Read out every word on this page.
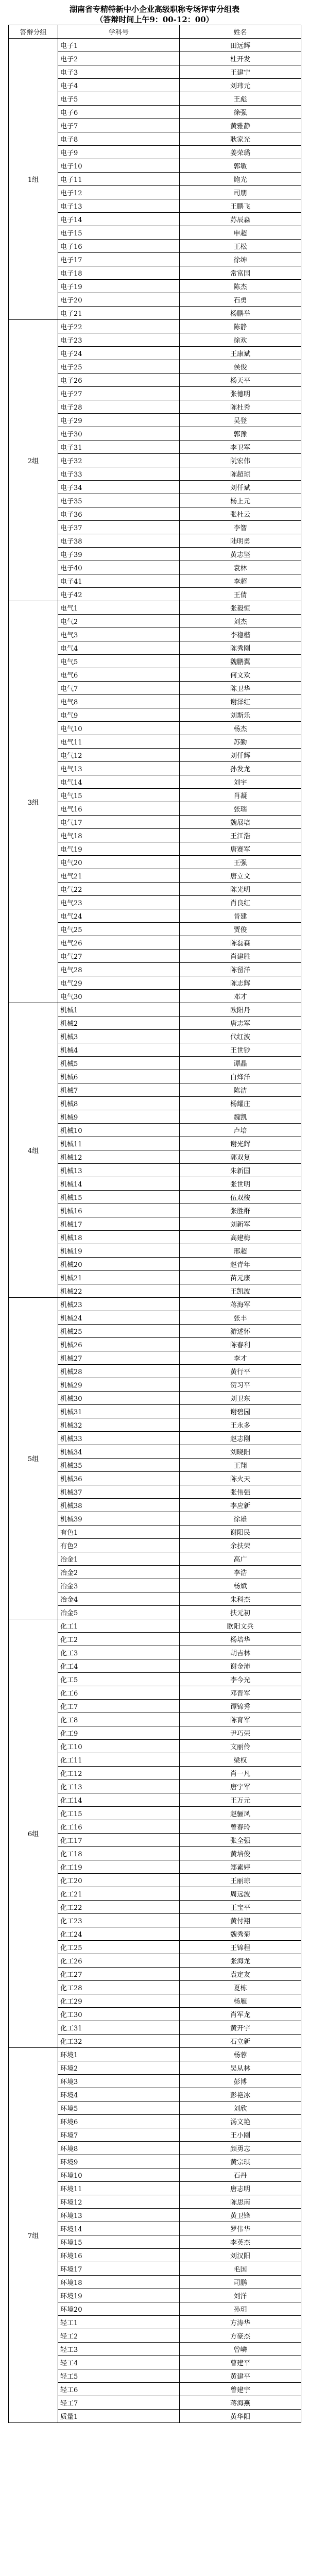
湖南省专精特新中小企业高级职称专场评审分组表
（答辩时间上午9：00-12：00）
答辩分组	学科号	姓名
1组	电子1	田远辉
	电子2	杜开发
	电子3	王建宁
	电子4	刘玮元
	电子5	王彪
	电子6	徐强
	电子7	黄雅静
	电子8	耿家光
	电子9	姜荣璐
	电子10	郭敏
	电子11	鲍光
	电子12	司朋
	电子13	王鹏飞
	电子14	苏辰淼
	电子15	申超
	电子16	王松
	电子17	徐绅
	电子18	常富国
	电子19	陈杰
	电子20	石勇
	电子21	杨鹏举
2组	电子22	陈静
	电子23	徐欢
	电子24	王康斌
	电子25	侯俊
	电子26	杨天平
	电子27	张德明
	电子28	陈杜秀
	电子29	吴登
	电子30	郭豫
	电子31	李卫军
	电子32	阮宏伟
	电子33	陈超琼
	电子34	刘仟斌
	电子35	杨上元
	电子36	张杜云
	电子37	李智
	电子38	陆明勇
	电子39	黄志坚
	电子40	袁林
	电子41	李超
	电子42	王倩
3组	电气1	张毅恒
	电气2	刘杰
	电气3	李稳楷
	电气4	陈秀刚
	电气5	魏鹏翼
	电气6	何文欢
	电气7	陈卫华
	电气8	谢泽红
	电气9	刘斯乐
	电气10	杨杰
	电气11	苏勤
	电气12	刘仟辉
	电气13	孙发龙
	电气14	刘宇
	电气15	肖凝
	电气16	张瑞
	电气17	魏展培
	电气18	王江浩
	电气19	唐赛军
	电气20	王强
	电气21	唐立文
	电气22	陈光明
	电气23	肖良红
	电气24	昔建
	电气25	贾俊
	电气26	陈磊森
	电气27	肖建胜
	电气28	陈留洋
	电气29	陈志辉
	电气30	邓才
4组	机械1	欧阳丹
	机械2	唐志军
	机械3	代红波
	机械4	王世钞
	机械5	谭晶
	机械6	白烽洋
	机械7	陈洁
	机械8	杨耀庄
	机械9	魏凯
	机械10	卢培
	机械11	谢光辉
	机械12	郭双复
	机械13	朱新国
	机械14	张世明
	机械15	伍双梭
	机械16	张胜群
	机械17	刘新军
	机械18	高建梅
	机械19	邢超
	机械20	赵青年
	机械21	苗元康
	机械22	王凯波
5组	机械23	蒋海军
	机械24	张丰
	机械25	游述怀
	机械26	陈春利
	机械27	李才
	机械28	黄行平
	机械29	贺习平
	机械30	刘卫东
	机械31	谢碧园
	机械32	王永多
	机械33	赵志刚
	机械34	刘晓阳
	机械35	王翔
	机械36	陈火天
	机械37	张伟强
	机械38	李应新
	机械39	徐雄
	有色1	谢阳民
	有色2	余扶荣
	冶金1	高广
	冶金2	李浩
	冶金3	杨斌
	冶金4	朱科杰
	冶金5	扶元初
6组	化工1	欧阳文兵
	化工2	杨培华
	化工3	胡吉林
	化工4	谢金沛
	化工5	李今光
	化工6	邓晋军
	化工7	谭锦秀
	化工8	陈育军
	化工9	尹巧荣
	化工10	文丽伶
	化工11	梁权
	化工12	肖一凡
	化工13	唐宇军
	化工14	王万元
	化工15	赵骊凤
	化工16	曾春玲
	化工17	张全强
	化工18	黄培俊
	化工19	郑素婷
	化工20	王丽琼
	化工21	周远波
	化工22	王宝平
	化工23	黄付翔
	化工24	魏秀菊
	化工25	王锦程
	化工26	张海龙
	化工27	袁定友
	化工28	夏栋
	化工29	杨雁
	化工30	肖军龙
	化工31	黄开宇
	化工32	石立新
7组	环境1	杨蓉
	环境2	吴从林
	环境3	彭博
	环境4	彭艳冰
	环境5	刘欣
	环境6	汤文艳
	环境7	王小刚
	环境8	颜勇志
	环境9	黄宗琪
	环境10	石丹
	环境11	唐志明
	环境12	陈思南
	环境13	黄卫锋
	环境14	罗伟华
	环境15	李英杰
	环境16	刘汉阳
	环境17	毛国
	环境18	司鹏
	环境19	刘洋
	环境20	孙玥
	轻工1	方涛华
	轻工2	方豪杰
	轻工3	曾嶙
	轻工4	曹建平
	轻工5	黄建平
	轻工6	曾建宇
	轻工7	蒋海燕
	质量1	黄华阳
